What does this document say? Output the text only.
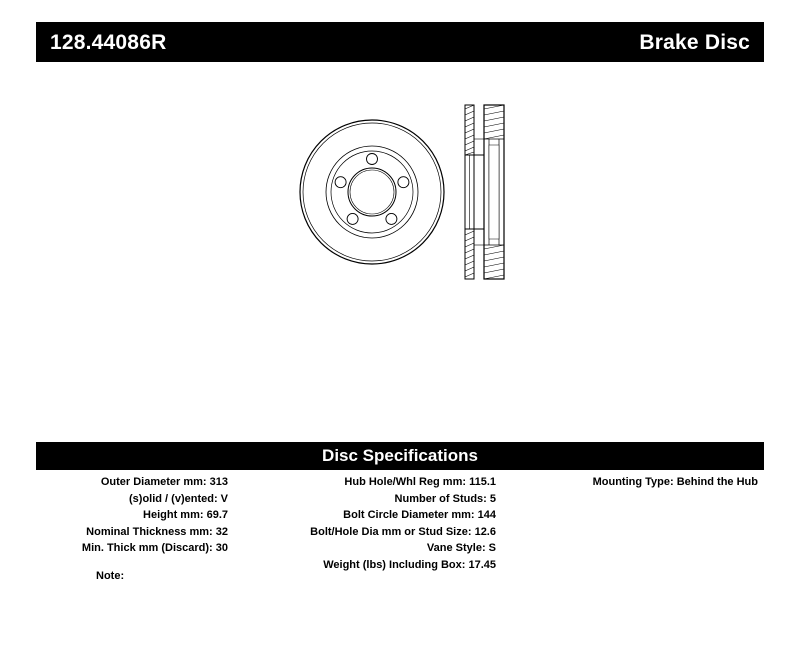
128.44086R	Brake Disc
Disc Specifications
Outer Diameter mm: 313
(s)olid / (v)ented: V
Height mm: 69.7
Nominal Thickness mm: 32
Min. Thick mm (Discard): 30
Hub Hole/Whl Reg mm: 115.1
Number of Studs: 5
Bolt Circle Diameter mm: 144
Bolt/Hole Dia mm or Stud Size: 12.6
Vane Style: S
Weight (lbs) Including Box: 17.45
Mounting Type: Behind the Hub
Note:
